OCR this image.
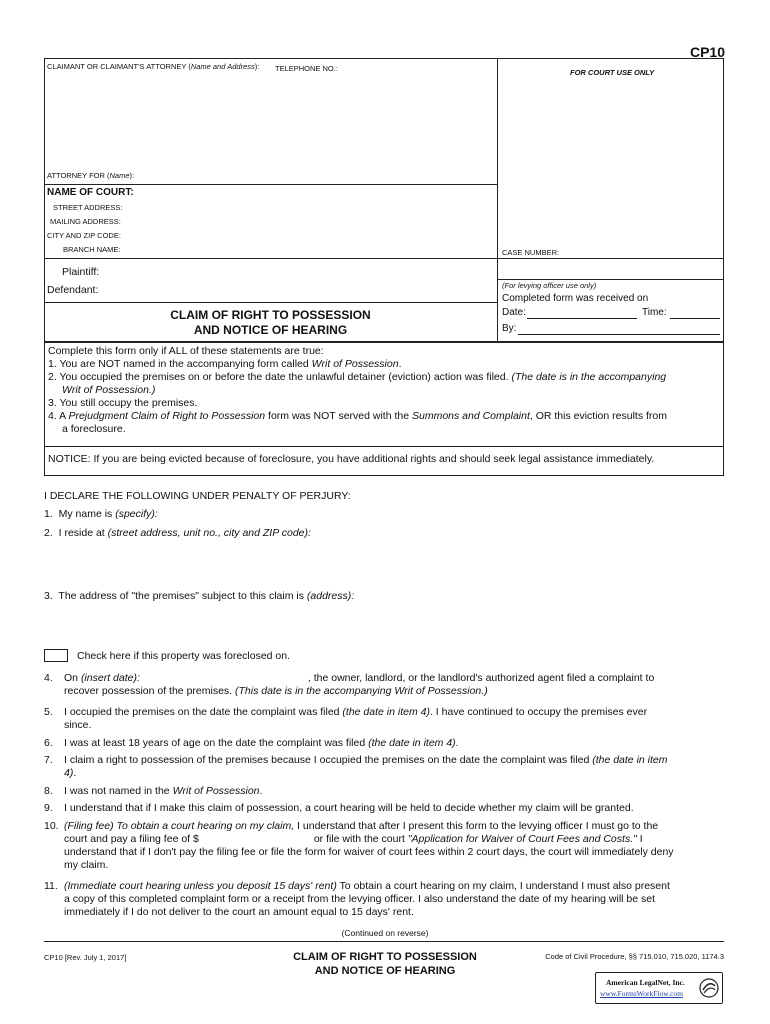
CP10
CLAIMANT OR CLAIMANT'S ATTORNEY (Name and Address): TELEPHONE NO.:	FOR COURT USE ONLY
ATTORNEY FOR (Name):
NAME OF COURT:
STREET ADDRESS:
MAILING ADDRESS:
CITY AND ZIP CODE:
BRANCH NAME:	CASE NUMBER:
Plaintiff:
Defendant:	(For levying officer use only)
Completed form was received on
Date:	Time:
By:
CLAIM OF RIGHT TO POSSESSION
AND NOTICE OF HEARING
Complete this form only if ALL of these statements are true:
1. You are NOT named in the accompanying form called Writ of Possession.
2. You occupied the premises on or before the date the unlawful detainer (eviction) action was filed. (The date is in the accompanying
Writ of Possession.)
3. You still occupy the premises.
4. A Prejudgment Claim of Right to Possession form was NOT served with the Summons and Complaint, OR this eviction results from
a foreclosure.
NOTICE: If you are being evicted because of foreclosure, you have additional rights and should seek legal assistance immediately.
I DECLARE THE FOLLOWING UNDER PENALTY OF PERJURY:
1. My name is (specify):
2. I reside at (street address, unit no., city and ZIP code):
3. The address of "the premises" subject to this claim is (address):
Check here if this property was foreclosed on.
4. On (insert date):	, the owner, landlord, or the landlord's authorized agent filed a complaint to
recover possession of the premises. (This date is in the accompanying Writ of Possession.)
5. I occupied the premises on the date the complaint was filed (the date in item 4). I have continued to occupy the premises ever
since.
6. I was at least 18 years of age on the date the complaint was filed (the date in item 4).
7. I claim a right to possession of the premises because I occupied the premises on the date the complaint was filed (the date in item
4).
8. I was not named in the Writ of Possession.
9. I understand that if I make this claim of possession, a court hearing will be held to decide whether my claim will be granted.
10. (Filing fee) To obtain a court hearing on my claim, I understand that after I present this form to the levying officer I must go to the
court and pay a filing fee of $	or file with the court "Application for Waiver of Court Fees and Costs." I
understand that if I don't pay the filing fee or file the form for waiver of court fees within 2 court days, the court will immediately deny
my claim.
11. (Immediate court hearing unless you deposit 15 days' rent) To obtain a court hearing on my claim, I understand I must also present
a copy of this completed complaint form or a receipt from the levying officer. I also understand the date of my hearing will be set
immediately if I do not deliver to the court an amount equal to 15 days' rent.
(Continued on reverse)
CP10 [Rev. July 1, 2017]	CLAIM OF RIGHT TO POSSESSION
AND NOTICE OF HEARING
Code of Civil Procedure, §§ 715.010, 715.020, 1174.3
American LegalNet, Inc.
www.FormsWorkFlow.com
